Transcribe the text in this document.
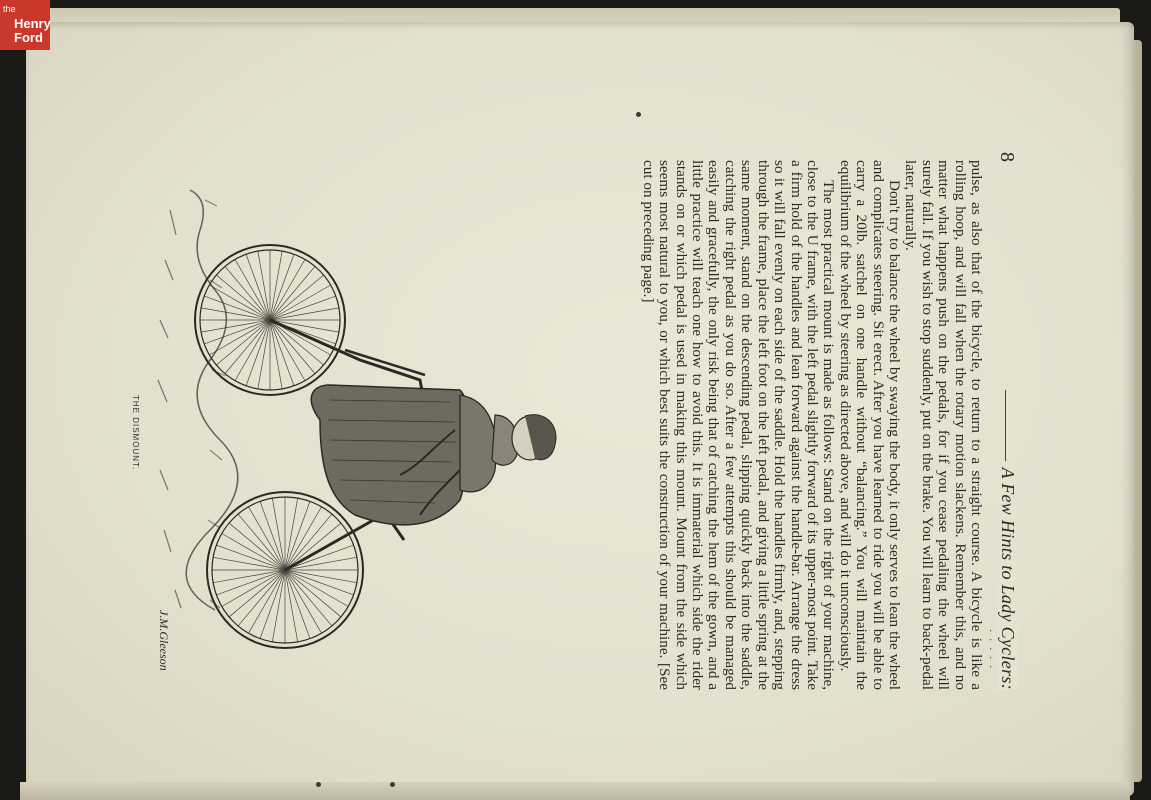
the
Henry
Ford
8
A Few Hints to Lady Cyclers:
. . . . .

pulse, as also that of the bicycle, to return to a straight course. A bicycle is like a rolling hoop, and will fall when the rotary motion slackens. Remember this, and no matter what happens push on the pedals, for if you cease pedaling the wheel will surely fall. If you wish to stop suddenly, put on the brake. You will learn to back-pedal later, naturally.

Don't try to balance the wheel by swaying the body, it only serves to lean the wheel and complicates steering. Sit erect. After you have learned to ride you will be able to carry a 20lb. satchel on one handle without “balancing.” You will maintain the equilibrium of the wheel by steering as directed above, and will do it unconsciously.

The most practical mount is made as follows: Stand on the right of your machine, close to the U frame, with the left pedal slightly forward of its upper-most point. Take a firm hold of the handles and lean forward against the handle-bar. Arrange the dress so it will fall evenly on each side of the saddle. Hold the handles firmly, and, stepping through the frame, place the left foot on the left pedal, and giving a little spring at the same moment, stand on the descending pedal, slipping quickly back into the saddle, catching the right pedal as you do so. After a few attempts this should be managed easily and gracefully, the only risk being that of catching the hem of the gown, and a little practice will teach one how to avoid this. It is immaterial which side the rider stands on or which pedal is used in making this mount. Mount from the side which seems most natural to you, or which best suits the construction of your machine. [See cut on preceding page.]

J.M.Gleeson
THE DISMOUNT.
